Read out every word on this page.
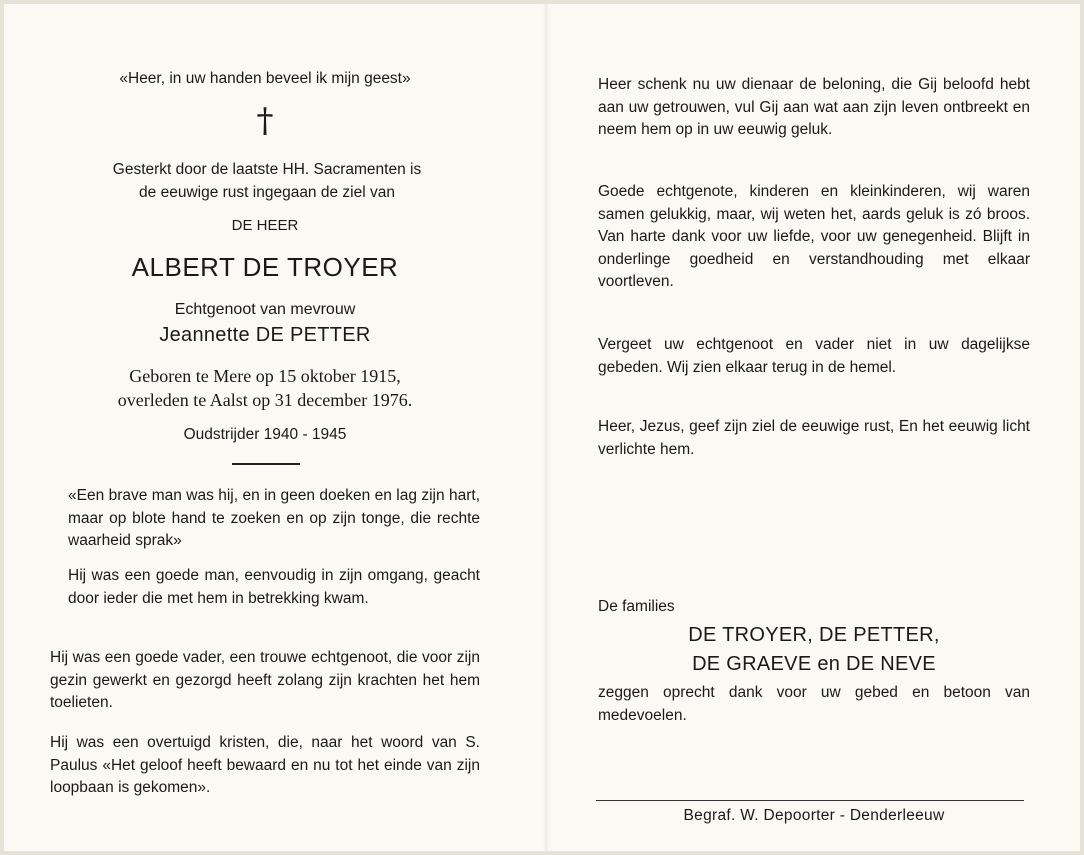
«Heer, in uw handen beveel ik mijn geest»
†
Gesterkt door de laatste HH. Sacramenten is
de eeuwige rust ingegaan de ziel van
DE HEER
ALBERT DE TROYER
Echtgenoot van mevrouw
Jeannette DE PETTER
Geboren te Mere op 15 oktober 1915,
overleden te Aalst op 31 december 1976.
Oudstrijder 1940 - 1945

«Een brave man was hij, en in geen doeken en lag zijn hart, maar op blote hand te zoeken en op zijn tonge, die rechte waarheid sprak»

Hij was een goede man, eenvoudig in zijn omgang, geacht door ieder die met hem in betrekking kwam.

Hij was een goede vader, een trouwe echtgenoot, die voor zijn gezin gewerkt en gezorgd heeft zolang zijn krachten het hem toelieten.

Hij was een overtuigd kristen, die, naar het woord van S. Paulus «Het geloof heeft bewaard en nu tot het einde van zijn loopbaan is gekomen».

Heer schenk nu uw dienaar de beloning, die Gij beloofd hebt aan uw getrouwen, vul Gij aan wat aan zijn leven ontbreekt en neem hem op in uw eeuwig geluk.

Goede echtgenote, kinderen en kleinkinderen, wij waren samen gelukkig, maar, wij weten het, aards geluk is zó broos. Van harte dank voor uw liefde, voor uw genegenheid. Blijft in onderlinge goedheid en verstandhouding met elkaar voortleven.

Vergeet uw echtgenoot en vader niet in uw dagelijkse gebeden. Wij zien elkaar terug in de hemel.

Heer, Jezus, geef zijn ziel de eeuwige rust, En het eeuwig licht verlichte hem.

De families
DE TROYER, DE PETTER,
DE GRAEVE en DE NEVE

zeggen oprecht dank voor uw gebed en betoon van medevoelen.

Begraf. W. Depoorter - Denderleeuw
